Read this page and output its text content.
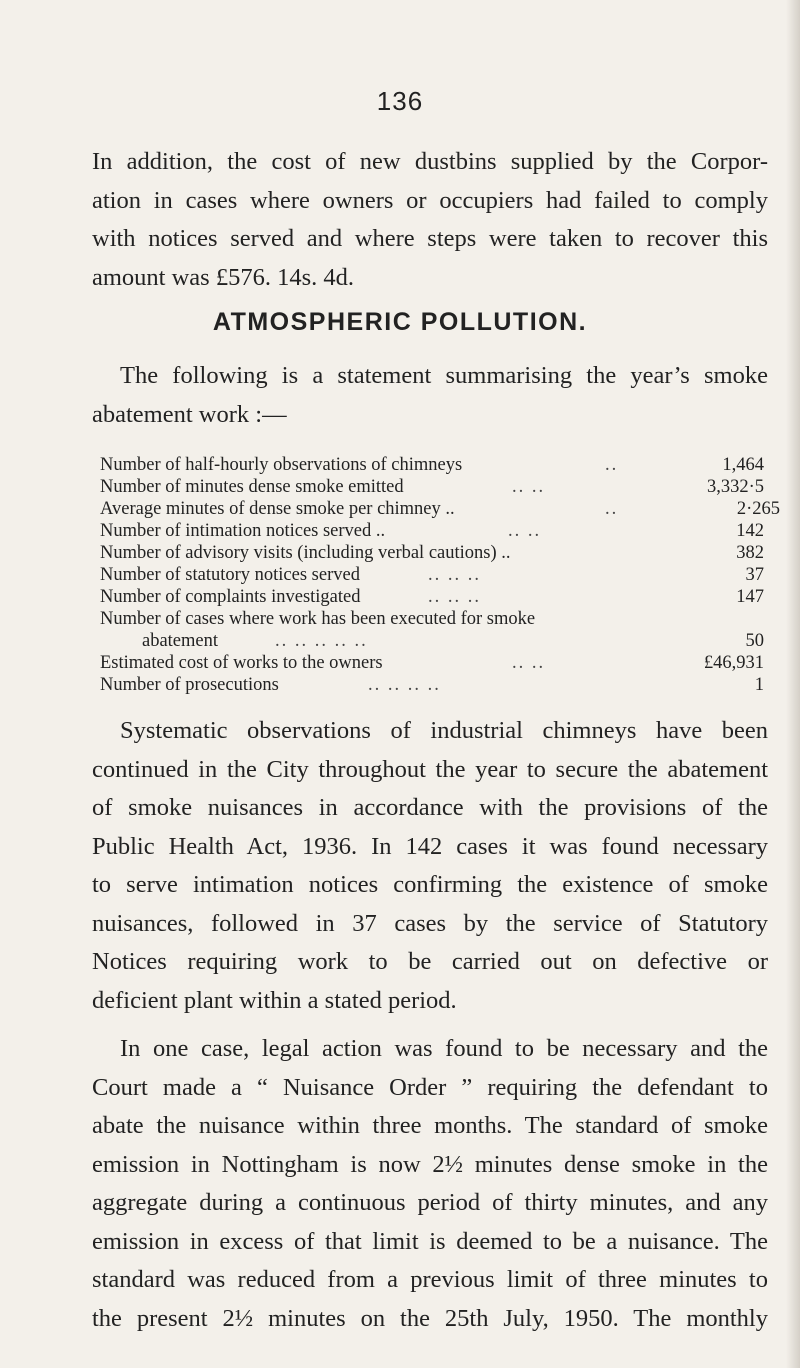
136
In addition, the cost of new dustbins supplied by the Corpor-
ation in cases where owners or occupiers had failed to comply
with notices served and where steps were taken to recover this
amount was £576. 14s. 4d.
ATMOSPHERIC POLLUTION.
The following is a statement summarising the year’s smoke
abatement work :—
Number of half-hourly observations of chimneys	..	1,464
Number of minutes dense smoke emitted	.. ..	3,332·5
Average minutes of dense smoke per chimney ..	..	2·265
Number of intimation notices served ..	.. ..	142
Number of advisory visits (including verbal cautions) ..	382
Number of statutory notices served	.. .. ..	37
Number of complaints investigated	.. .. ..	147
Number of cases where work has been executed for smoke
abatement	.. .. .. .. ..	50
Estimated cost of works to the owners	.. ..	£46,931
Number of prosecutions	.. .. .. ..	1
Systematic observations of industrial chimneys have been
continued in the City throughout the year to secure the abatement
of smoke nuisances in accordance with the provisions of the
Public Health Act, 1936. In 142 cases it was found necessary
to serve intimation notices confirming the existence of smoke
nuisances, followed in 37 cases by the service of Statutory
Notices requiring work to be carried out on defective or
deficient plant within a stated period.
In one case, legal action was found to be necessary and the
Court made a “ Nuisance Order ” requiring the defendant to
abate the nuisance within three months. The standard of smoke
emission in Nottingham is now 2½ minutes dense smoke in the
aggregate during a continuous period of thirty minutes, and any
emission in excess of that limit is deemed to be a nuisance. The
standard was reduced from a previous limit of three minutes to
the present 2½ minutes on the 25th July, 1950. The monthly
